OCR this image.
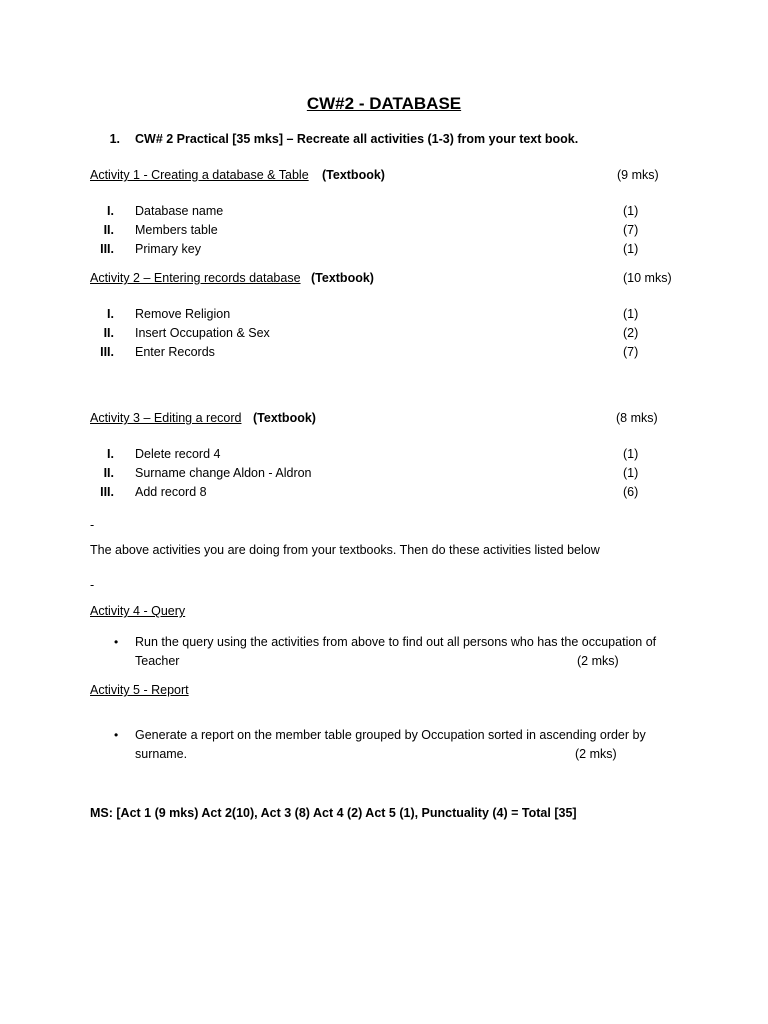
CW#2 - DATABASE
1. CW# 2 Practical [35 mks] – Recreate all activities (1-3) from your text book.
Activity 1 - Creating a database & Table (Textbook)	(9 mks)
I. Database name	(1)
II. Members table	(7)
III. Primary key	(1)
Activity 2 – Entering records database (Textbook)	(10 mks)
I. Remove Religion	(1)
II. Insert Occupation & Sex	(2)
III. Enter Records	(7)
Activity 3 – Editing a record (Textbook)	(8 mks)
I. Delete record 4	(1)
II. Surname change Aldon - Aldron	(1)
III. Add record 8	(6)
-
The above activities you are doing from your textbooks. Then do these activities listed below
-
Activity 4 - Query
• Run the query using the activities from above to find out all persons who has the occupation of
Teacher	(2 mks)
Activity 5 - Report
• Generate a report on the member table grouped by Occupation sorted in ascending order by
surname.	(2 mks)
MS: [Act 1 (9 mks) Act 2(10), Act 3 (8) Act 4 (2) Act 5 (1), Punctuality (4) = Total [35]
